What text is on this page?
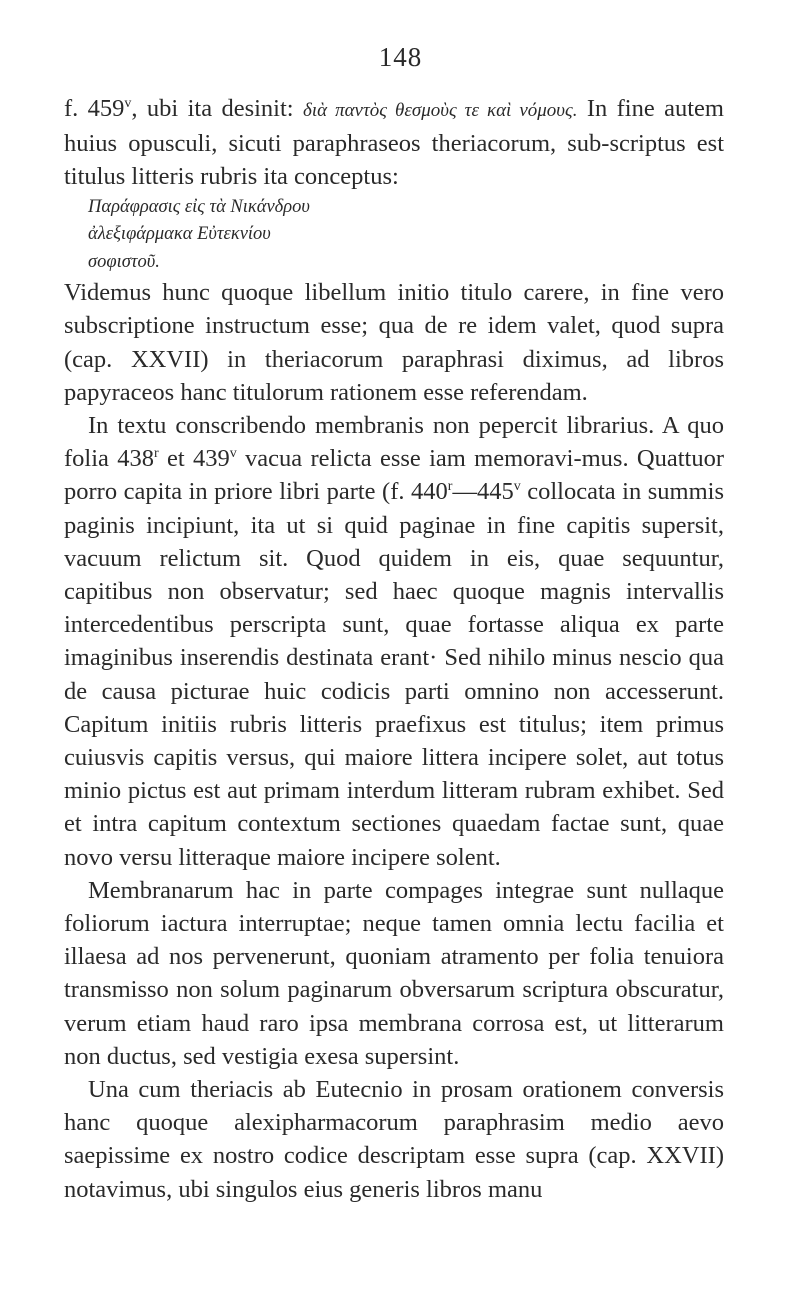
148

f. 459$^v$, ubi ita desinit: διὰ παντὸς θεσμοὺς τε καὶ νόμους. In fine autem huius opusculi, sicuti paraphraseos theriacorum, sub-scriptus est titulus litteris rubris ita conceptus:

Παράφρασις εἰς τὰ Νικάνδρου

ἀλεξιφάρμακα Εὐτεκνίου

σοφιστοῦ.

Videmus hunc quoque libellum initio titulo carere, in fine vero subscriptione instructum esse; qua de re idem valet, quod supra (cap. XXVII) in theriacorum paraphrasi diximus, ad libros papyraceos hanc titulorum rationem esse referendam.

In textu conscribendo membranis non pepercit librarius. A quo folia 438$^r$ et 439$^v$ vacua relicta esse iam memoravi-mus. Quattuor porro capita in priore libri parte (f. 440$^r$—445$^v$ collocata in summis paginis incipiunt, ita ut si quid paginae in fine capitis supersit, vacuum relictum sit. Quod quidem in eis, quae sequuntur, capitibus non observatur; sed haec quoque magnis intervallis intercedentibus perscripta sunt, quae fortasse aliqua ex parte imaginibus inserendis destinata erant· Sed nihilo minus nescio qua de causa picturae huic codicis parti omnino non accesserunt. Capitum initiis rubris litteris praefixus est titulus; item primus cuiusvis capitis versus, qui maiore littera incipere solet, aut totus minio pictus est aut primam interdum litteram rubram exhibet. Sed et intra capitum contextum sectiones quaedam factae sunt, quae novo versu litteraque maiore incipere solent.

Membranarum hac in parte compages integrae sunt nullaque foliorum iactura interruptae; neque tamen omnia lectu facilia et illaesa ad nos pervenerunt, quoniam atramento per folia tenuiora transmisso non solum paginarum obversarum scriptura obscuratur, verum etiam haud raro ipsa membrana corrosa est, ut litterarum non ductus, sed vestigia exesa supersint.

Una cum theriacis ab Eutecnio in prosam orationem conversis hanc quoque alexipharmacorum paraphrasim medio aevo saepissime ex nostro codice descriptam esse supra (cap. XXVII) notavimus, ubi singulos eius generis libros manu
